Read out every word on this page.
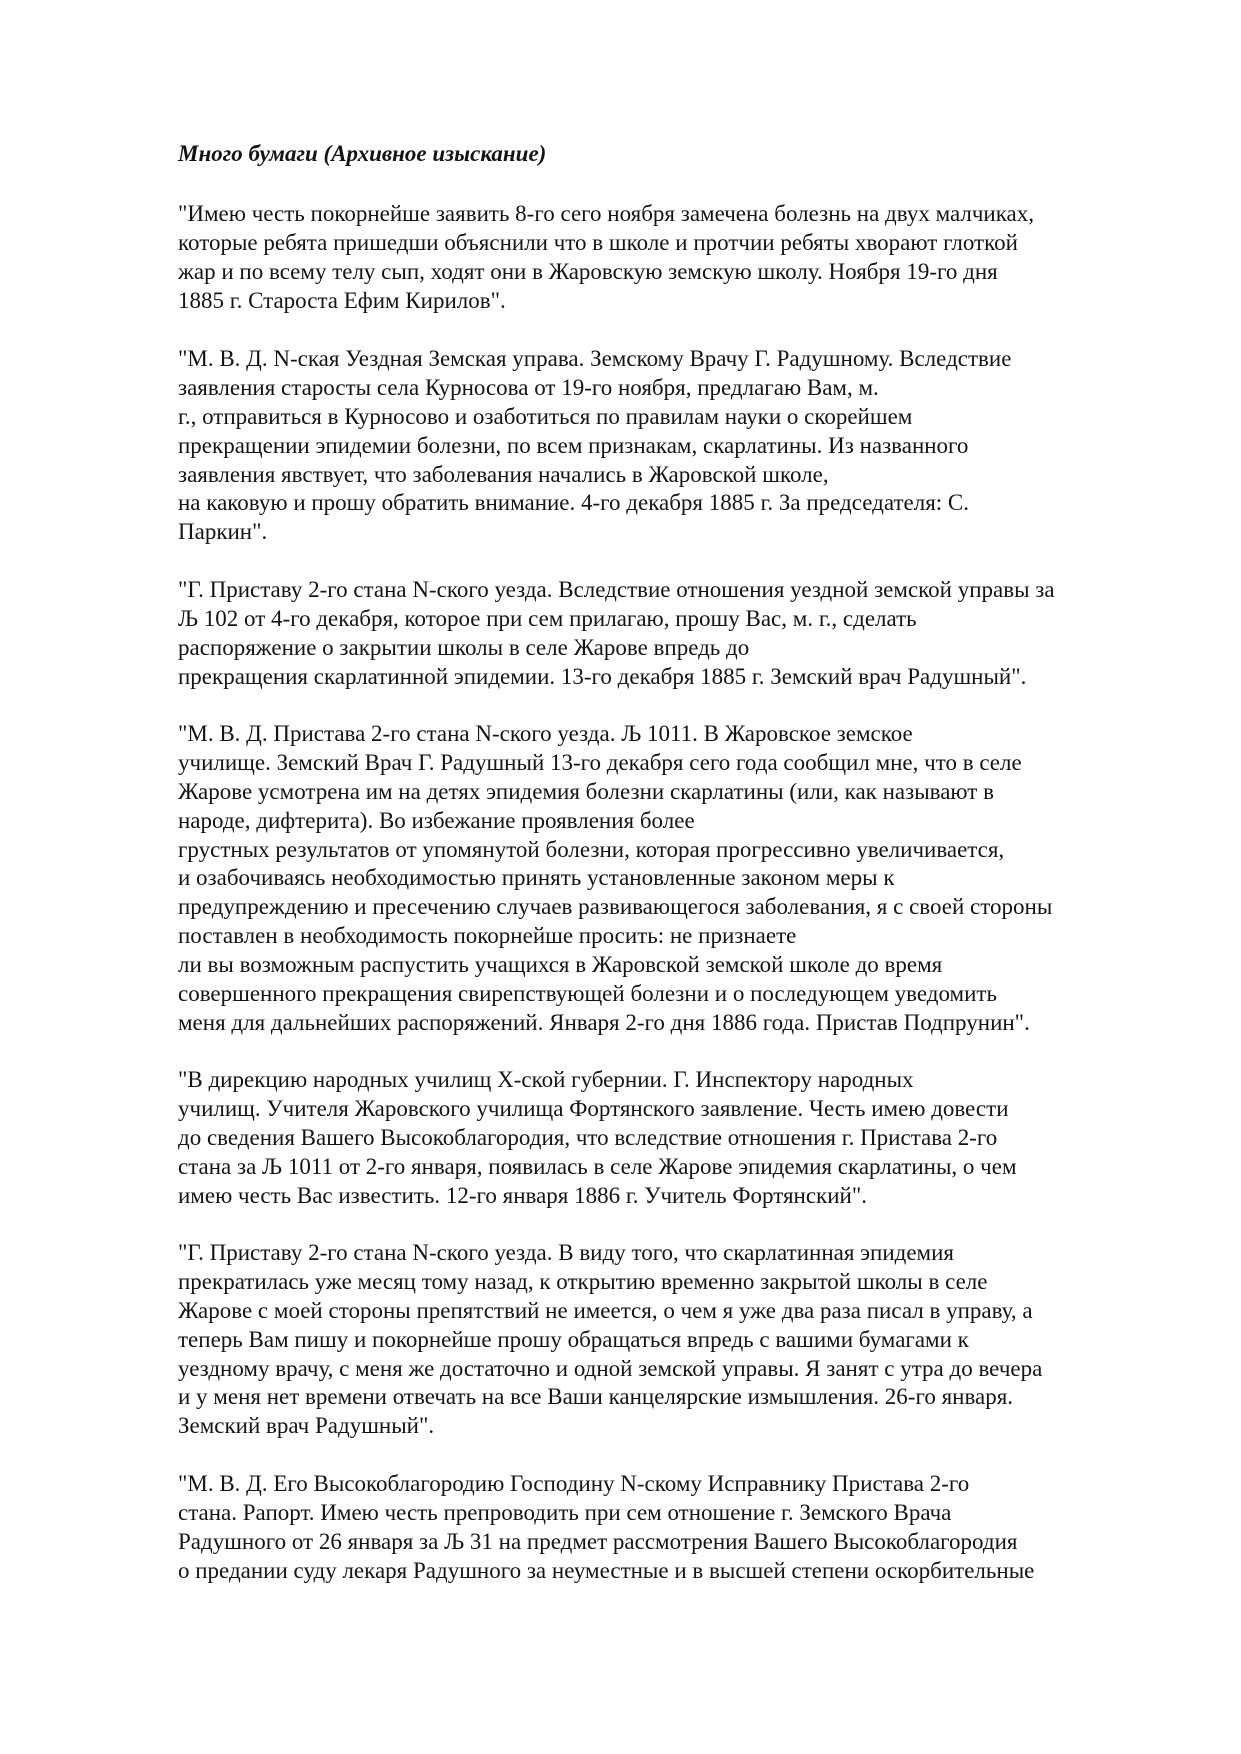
Много бумаги (Архивное изыскание)
"Имею честь покорнейше заявить 8-го сего ноября замечена болезнь на двух малчиках,
которые ребята пришедши объяснили что в школе и протчии ребяты хворают глоткой
жар и по всему телу сып, ходят они в Жаровскую земскую школу. Ноября 19-го дня
1885 г. Староста Ефим Кирилов".
"М. В. Д. N-ская Уездная Земская управа. Земскому Врачу Г. Радушному. Вследствие
заявления старосты села Курносова от 19-го ноября, предлагаю Вам, м.
г., отправиться в Курносово и озаботиться по правилам науки о скорейшем
прекращении эпидемии болезни, по всем признакам, скарлатины. Из названного
заявления явствует, что заболевания начались в Жаровской школе,
на каковую и прошу обратить внимание. 4-го декабря 1885 г. За председателя: С.
Паркин".
"Г. Приставу 2-го стана N-ского уезда. Вследствие отношения уездной земской управы за
Љ 102 от 4-го декабря, которое при сем прилагаю, прошу Вас, м. г., сделать
распоряжение о закрытии школы в селе Жарове впредь до
прекращения скарлатинной эпидемии. 13-го декабря 1885 г. Земский врач Радушный".
"М. В. Д. Пристава 2-го стана N-ского уезда. Љ 1011. В Жаровское земское
училище. Земский Врач Г. Радушный 13-го декабря сего года сообщил мне, что в селе
Жарове усмотрена им на детях эпидемия болезни скарлатины (или, как называют в
народе, дифтерита). Во избежание проявления более
грустных результатов от упомянутой болезни, которая прогрессивно увеличивается,
и озабочиваясь необходимостью принять установленные законом меры к
предупреждению и пресечению случаев развивающегося заболевания, я с своей стороны
поставлен в необходимость покорнейше просить: не признаете
ли вы возможным распустить учащихся в Жаровской земской школе до время
совершенного прекращения свирепствующей болезни и о последующем уведомить
меня для дальнейших распоряжений. Января 2-го дня 1886 года. Пристав Подпрунин".
"В дирекцию народных училищ Х-ской губернии. Г. Инспектору народных
училищ. Учителя Жаровского училища Фортянского заявление. Честь имею довести
до сведения Вашего Высокоблагородия, что вследствие отношения г. Пристава 2-го
стана за Љ 1011 от 2-го января, появилась в селе Жарове эпидемия скарлатины, о чем
имею честь Вас известить. 12-го января 1886 г. Учитель Фортянский".
"Г. Приставу 2-го стана N-ского уезда. В виду того, что скарлатинная эпидемия
прекратилась уже месяц тому назад, к открытию временно закрытой школы в селе
Жарове с моей стороны препятствий не имеется, о чем я уже два раза писал в управу, а
теперь Вам пишу и покорнейше прошу обращаться впредь с вашими бумагами к
уездному врачу, с меня же достаточно и одной земской управы. Я занят с утра до вечера
и у меня нет времени отвечать на все Ваши канцелярские измышления. 26-го января.
Земский врач Радушный".
"М. В. Д. Его Высокоблагородию Господину N-скому Исправнику Пристава 2-го
стана. Рапорт. Имею честь препроводить при сем отношение г. Земского Врача
Радушного от 26 января за Љ 31 на предмет рассмотрения Вашего Высокоблагородия
о предании суду лекаря Радушного за неуместные и в высшей степени оскорбительные
